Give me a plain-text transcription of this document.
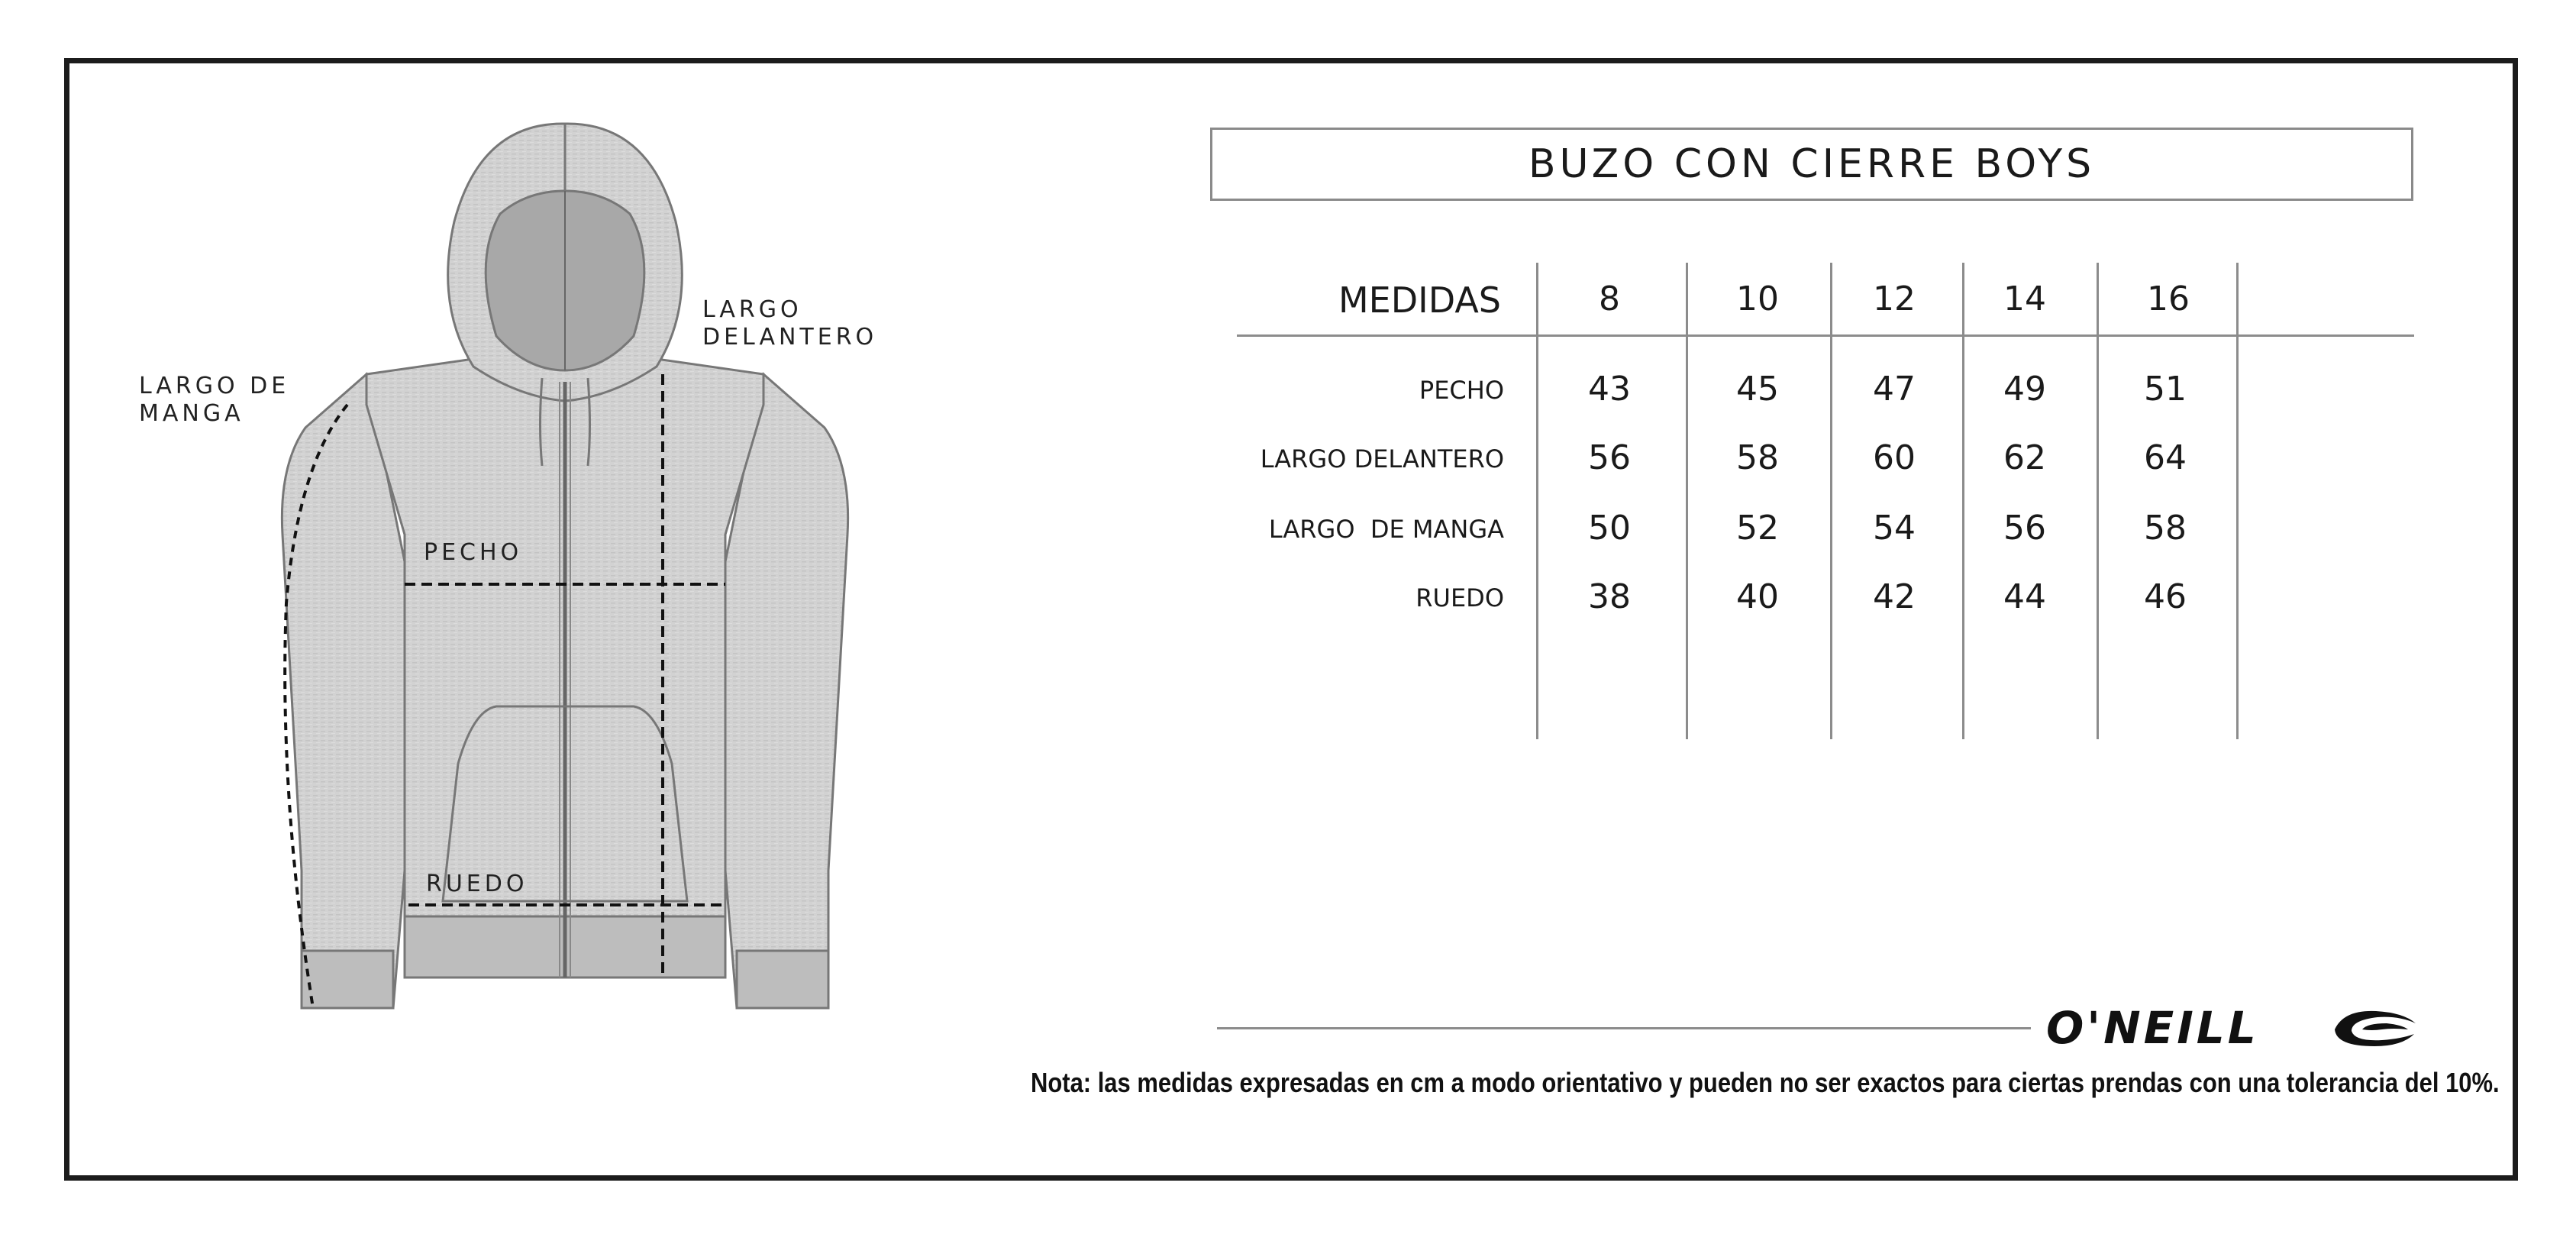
LARGO
DELANTERO
LARGO DE
MANGA
PECHO
RUEDO
BUZO CON CIERRE BOYS
MEDIDAS	8	10	12	14	16
PECHO	43	45	47	49	51
LARGO DELANTERO	56	58	60	62	64
LARGO  DE MANGA	50	52	54	56	58
RUEDO	38	40	42	44	46
O'NEILL
Nota: las medidas expresadas en cm a modo orientativo y pueden no ser exactos para ciertas prendas con una tolerancia del 10%.
